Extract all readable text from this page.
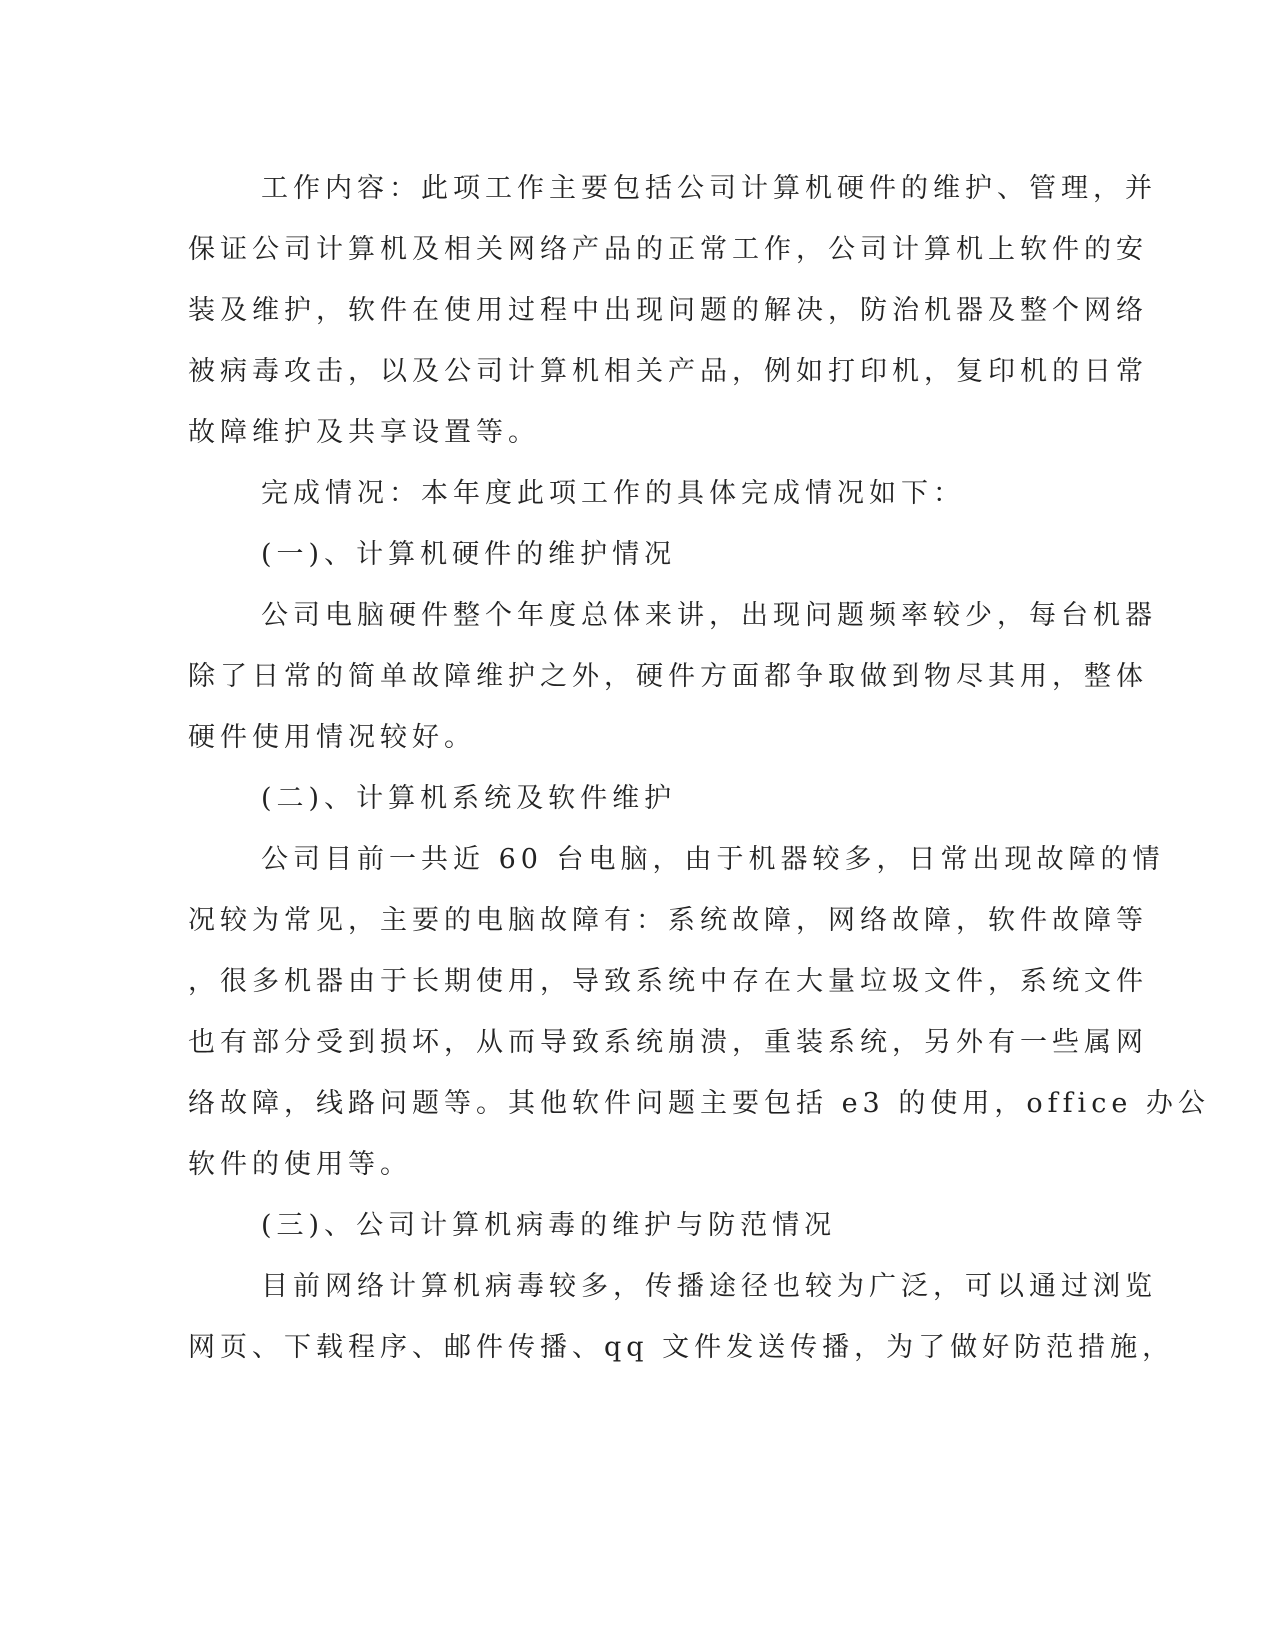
工作内容：此项工作主要包括公司计算机硬件的维护、管理，并
保证公司计算机及相关网络产品的正常工作，公司计算机上软件的安
装及维护，软件在使用过程中出现问题的解决，防治机器及整个网络
被病毒攻击，以及公司计算机相关产品，例如打印机，复印机的日常
故障维护及共享设置等。
完成情况：本年度此项工作的具体完成情况如下：
(一)、计算机硬件的维护情况
公司电脑硬件整个年度总体来讲，出现问题频率较少，每台机器
除了日常的简单故障维护之外，硬件方面都争取做到物尽其用，整体
硬件使用情况较好。
(二)、计算机系统及软件维护
公司目前一共近 60 台电脑，由于机器较多，日常出现故障的情
况较为常见，主要的电脑故障有：系统故障，网络故障，软件故障等
，很多机器由于长期使用，导致系统中存在大量垃圾文件，系统文件
也有部分受到损坏，从而导致系统崩溃，重装系统，另外有一些属网
络故障，线路问题等。其他软件问题主要包括 e3 的使用，office 办公
软件的使用等。
(三)、公司计算机病毒的维护与防范情况
目前网络计算机病毒较多，传播途径也较为广泛，可以通过浏览
网页、下载程序、邮件传播、qq 文件发送传播，为了做好防范措施，
